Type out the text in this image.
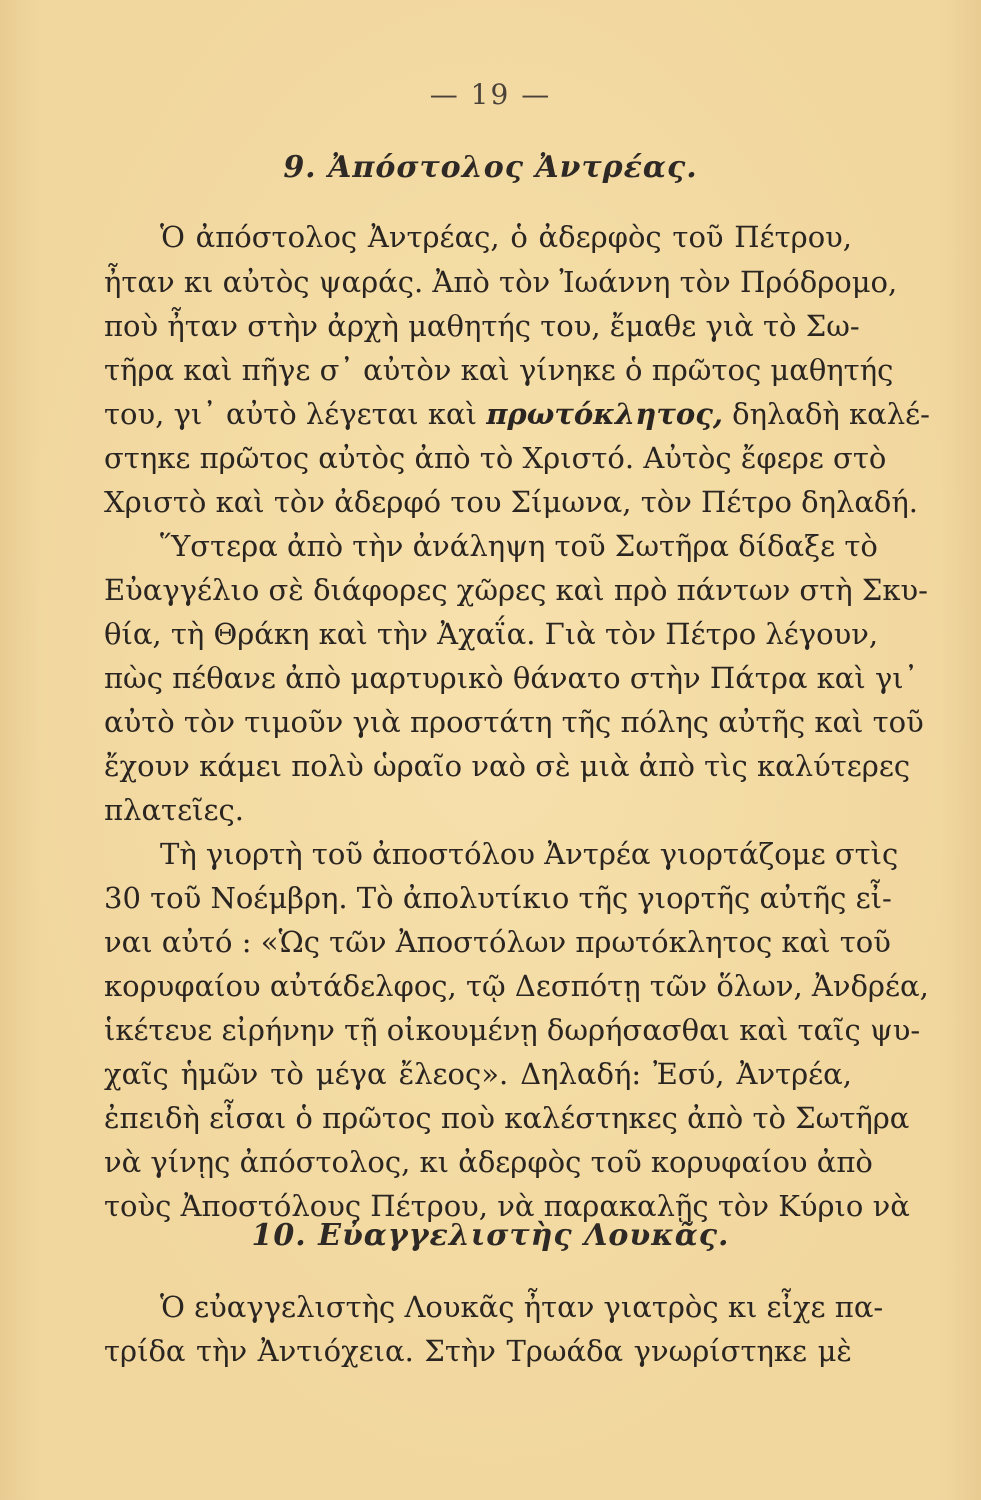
— 19 —
9. Ἀπόστολος Ἀντρέας.
Ὁ ἀπόστολος Ἀντρέας, ὁ ἀδερφὸς τοῦ Πέτρου,
ἦταν κι αὐτὸς ψαράς. Ἀπὸ τὸν Ἰωάννη τὸν Πρόδρομο,
ποὺ ἦταν στὴν ἀρχὴ μαθητής του, ἔμαθε γιὰ τὸ Σω-
τῆρα καὶ πῆγε σ᾽ αὐτὸν καὶ γίνηκε ὁ πρῶτος μαθητής
του, γι᾽ αὐτὸ λέγεται καὶ πρωτόκλητος, δηλαδὴ καλέ-
στηκε πρῶτος αὐτὸς ἀπὸ τὸ Χριστό. Αὐτὸς ἔφερε στὸ
Χριστὸ καὶ τὸν ἀδερφό του Σίμωνα, τὸν Πέτρο δηλαδή.
Ὕστερα ἀπὸ τὴν ἀνάληψη τοῦ Σωτῆρα δίδαξε τὸ
Εὐαγγέλιο σὲ διάφορες χῶρες καὶ πρὸ πάντων στὴ Σκυ-
θία, τὴ Θράκη καὶ τὴν Ἀχαΐα. Γιὰ τὸν Πέτρο λέγουν,
πὼς πέθανε ἀπὸ μαρτυρικὸ θάνατο στὴν Πάτρα καὶ γι᾽
αὐτὸ τὸν τιμοῦν γιὰ προστάτη τῆς πόλης αὐτῆς καὶ τοῦ
ἔχουν κάμει πολὺ ὡραῖο ναὸ σὲ μιὰ ἀπὸ τὶς καλύτερες
πλατεῖες.
Τὴ γιορτὴ τοῦ ἀποστόλου Ἀντρέα γιορτάζομε στὶς
30 τοῦ Νοέμβρη. Τὸ ἀπολυτίκιο τῆς γιορτῆς αὐτῆς εἶ-
ναι αὐτό : «Ὡς τῶν Ἀποστόλων πρωτόκλητος καὶ τοῦ
κορυφαίου αὐτάδελφος, τῷ Δεσπότῃ τῶν ὅλων, Ἀνδρέα,
ἱκέτευε εἰρήνην τῇ οἰκουμένῃ δωρήσασθαι καὶ ταῖς ψυ-
χαῖς ἡμῶν τὸ μέγα ἔλεος». Δηλαδή: Ἐσύ, Ἀντρέα,
ἐπειδὴ εἶσαι ὁ πρῶτος ποὺ καλέστηκες ἀπὸ τὸ Σωτῆρα
νὰ γίνῃς ἀπόστολος, κι ἀδερφὸς τοῦ κορυφαίου ἀπὸ
τοὺς Ἀποστόλους Πέτρου, νὰ παρακαλῇς τὸν Κύριο νὰ
10. Εὐαγγελιστὴς Λουκᾶς.
Ὁ εὐαγγελιστὴς Λουκᾶς ἦταν γιατρὸς κι εἶχε πα-
τρίδα τὴν Ἀντιόχεια. Στὴν Τρωάδα γνωρίστηκε μὲ
